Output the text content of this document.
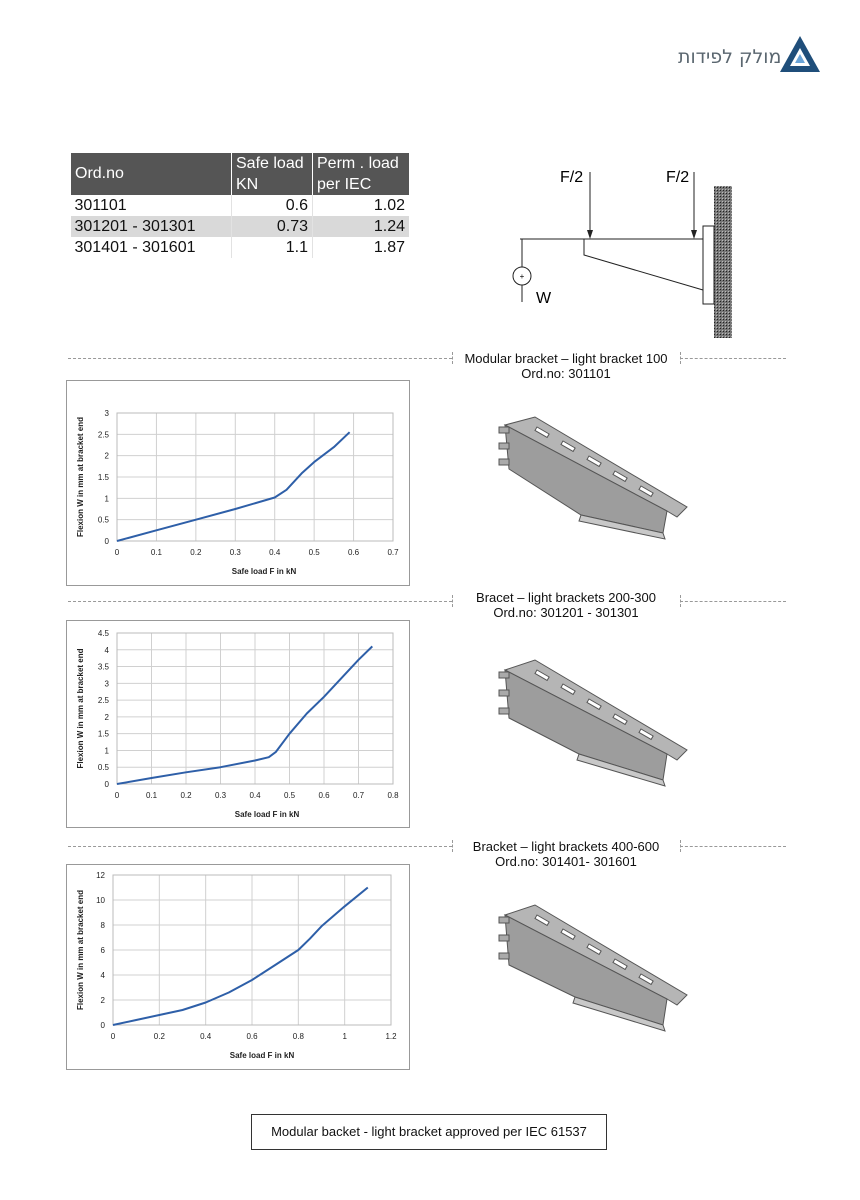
מולק לפידות
Ord.no	Safe load	Perm . load
	KN	per IEC
301101	0.6	1.02
301201 - 301301	0.73	1.24
301401 - 301601	1.1	1.87
F/2	F/2
+
W
Modular bracket – light bracket 100
Ord.no: 301101
Bracet – light brackets 200-300
Ord.no: 301201 - 301301
Bracket – light brackets 400-600
Ord.no: 301401- 301601
0	0.1	0.2	0.3	0.4	0.5	0.6	0.7
0
0.5
1
1.5
2
2.5
3
Safe load F in kN
Flexion W in mm at bracket end
0	0.1	0.2	0.3	0.4	0.5	0.6	0.7	0.8
0
0.5
1
1.5
2
2.5
3
3.5
4
4.5
Safe load F in kN
Flexion W in mm at bracket end
0	0.2	0.4	0.6	0.8	1	1.2
0
2
4
6
8
10
12
Safe load F in kN
Flexion W in mm at bracket end
Modular backet - light bracket approved per IEC 61537
